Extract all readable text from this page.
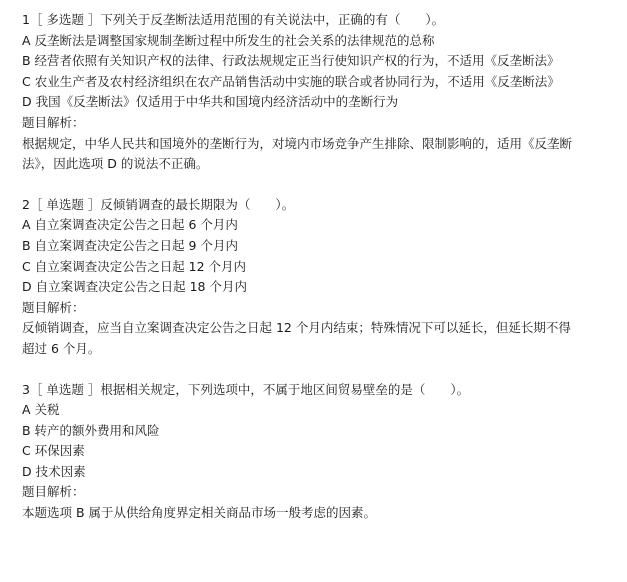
1［ 多选题 ］下列关于反垄断法适用范围的有关说法中，正确的有（　　）。
A 反垄断法是调整国家规制垄断过程中所发生的社会关系的法律规范的总称
B 经营者依照有关知识产权的法律、行政法规规定正当行使知识产权的行为，不适用《反垄断法》
C 农业生产者及农村经济组织在农产品销售活动中实施的联合或者协同行为，不适用《反垄断法》
D 我国《反垄断法》仅适用于中华共和国境内经济活动中的垄断行为
题目解析：
根据规定，中华人民共和国境外的垄断行为，对境内市场竞争产生排除、限制影响的，适用《反垄断法》，因此选项 D 的说法不正确。
2［ 单选题 ］反倾销调查的最长期限为（　　）。
A 自立案调查决定公告之日起 6 个月内
B 自立案调查决定公告之日起 9 个月内
C 自立案调查决定公告之日起 12 个月内
D 自立案调查决定公告之日起 18 个月内
题目解析：
反倾销调查，应当自立案调查决定公告之日起 12 个月内结束；特殊情况下可以延长，但延长期不得超过 6 个月。
3［ 单选题 ］根据相关规定，下列选项中，不属于地区间贸易壁垒的是（　　）。
A 关税
B 转产的额外费用和风险
C 环保因素
D 技术因素
题目解析：
本题选项 B 属于从供给角度界定相关商品市场一般考虑的因素。
